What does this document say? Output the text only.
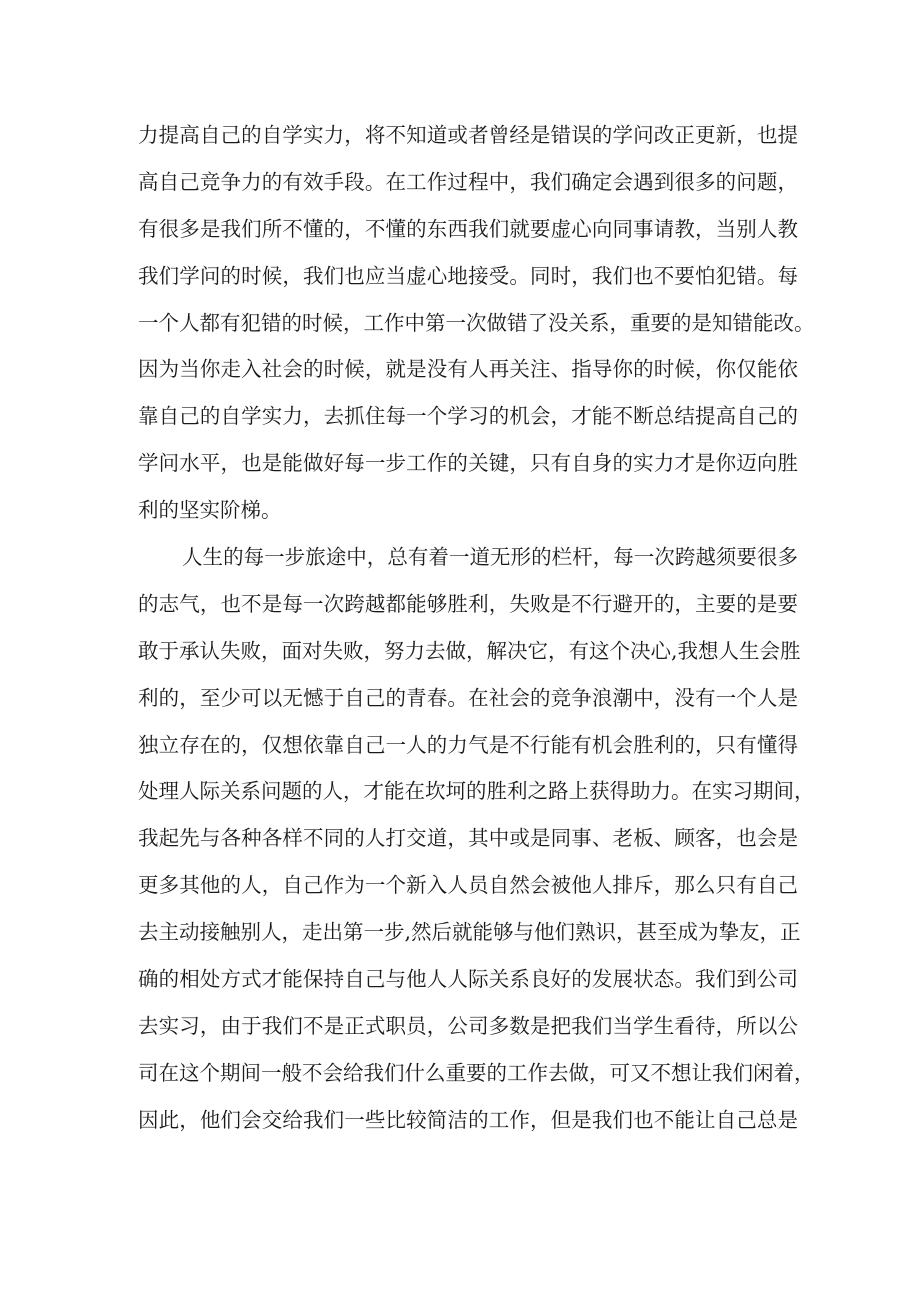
力提高自己的自学实力，将不知道或者曾经是错误的学问改正更新，也提
高自己竞争力的有效手段。在工作过程中，我们确定会遇到很多的问题，
有很多是我们所不懂的，不懂的东西我们就要虚心向同事请教，当别人教
我们学问的时候，我们也应当虚心地接受。同时，我们也不要怕犯错。每
一个人都有犯错的时候，工作中第一次做错了没关系，重要的是知错能改。
因为当你走入社会的时候，就是没有人再关注、指导你的时候，你仅能依
靠自己的自学实力，去抓住每一个学习的机会，才能不断总结提高自己的
学问水平，也是能做好每一步工作的关键，只有自身的实力才是你迈向胜
利的坚实阶梯。
人生的每一步旅途中，总有着一道无形的栏杆，每一次跨越须要很多
的志气，也不是每一次跨越都能够胜利，失败是不行避开的，主要的是要
敢于承认失败，面对失败，努力去做，解决它，有这个决心,我想人生会胜
利的，至少可以无憾于自己的青春。在社会的竞争浪潮中，没有一个人是
独立存在的，仅想依靠自己一人的力气是不行能有机会胜利的，只有懂得
处理人际关系问题的人，才能在坎坷的胜利之路上获得助力。在实习期间，
我起先与各种各样不同的人打交道，其中或是同事、老板、顾客，也会是
更多其他的人，自己作为一个新入人员自然会被他人排斥，那么只有自己
去主动接触别人，走出第一步,然后就能够与他们熟识，甚至成为挚友，正
确的相处方式才能保持自己与他人人际关系良好的发展状态。我们到公司
去实习，由于我们不是正式职员，公司多数是把我们当学生看待，所以公
司在这个期间一般不会给我们什么重要的工作去做，可又不想让我们闲着，
因此，他们会交给我们一些比较简洁的工作，但是我们也不能让自己总是
